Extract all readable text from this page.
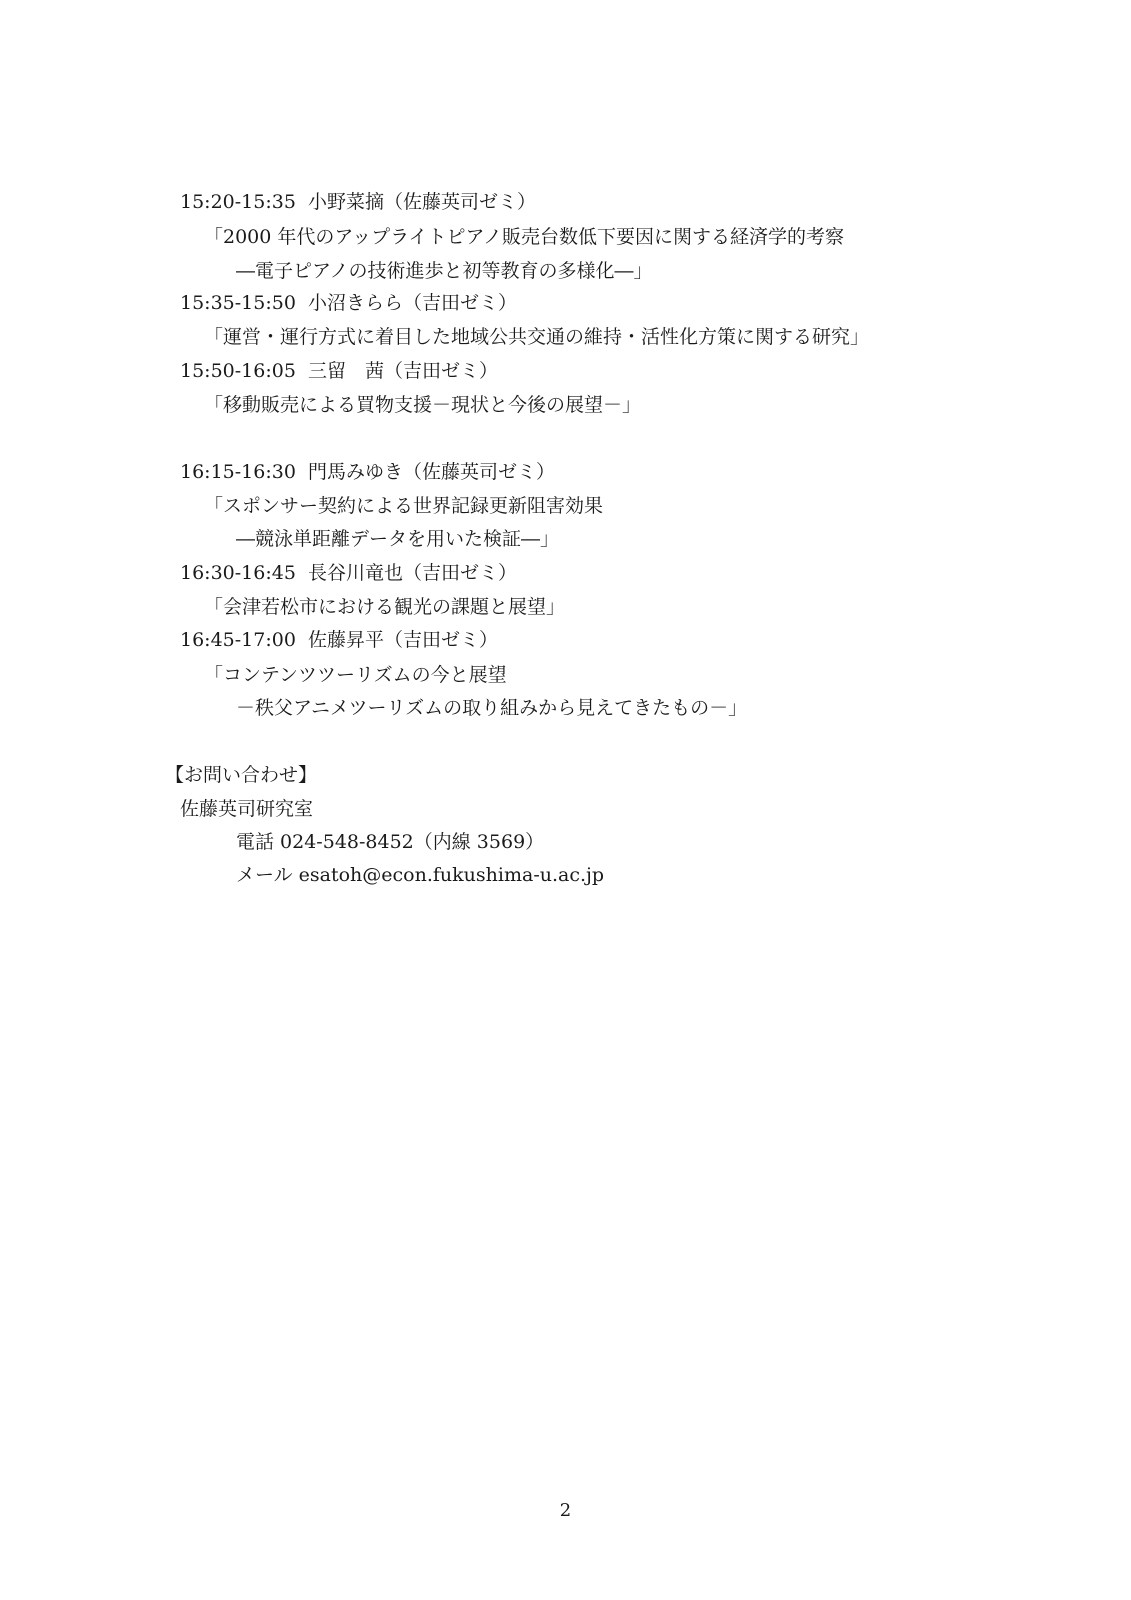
15:20-15:35 小野菜摘（佐藤英司ゼミ）
「2000 年代のアップライトピアノ販売台数低下要因に関する経済学的考察
―電子ピアノの技術進歩と初等教育の多様化―」
15:35-15:50 小沼きらら（吉田ゼミ）
「運営・運行方式に着目した地域公共交通の維持・活性化方策に関する研究」
15:50-16:05 三留　茜（吉田ゼミ）
「移動販売による買物支援－現状と今後の展望－」
16:15-16:30 門馬みゆき（佐藤英司ゼミ）
「スポンサー契約による世界記録更新阻害効果
―競泳単距離データを用いた検証―」
16:30-16:45 長谷川竜也（吉田ゼミ）
「会津若松市における観光の課題と展望」
16:45-17:00 佐藤昇平（吉田ゼミ）
「コンテンツツーリズムの今と展望
－秩父アニメツーリズムの取り組みから見えてきたもの－」
【お問い合わせ】
佐藤英司研究室
電話 024-548-8452（内線 3569）
メール esatoh@econ.fukushima-u.ac.jp
2
